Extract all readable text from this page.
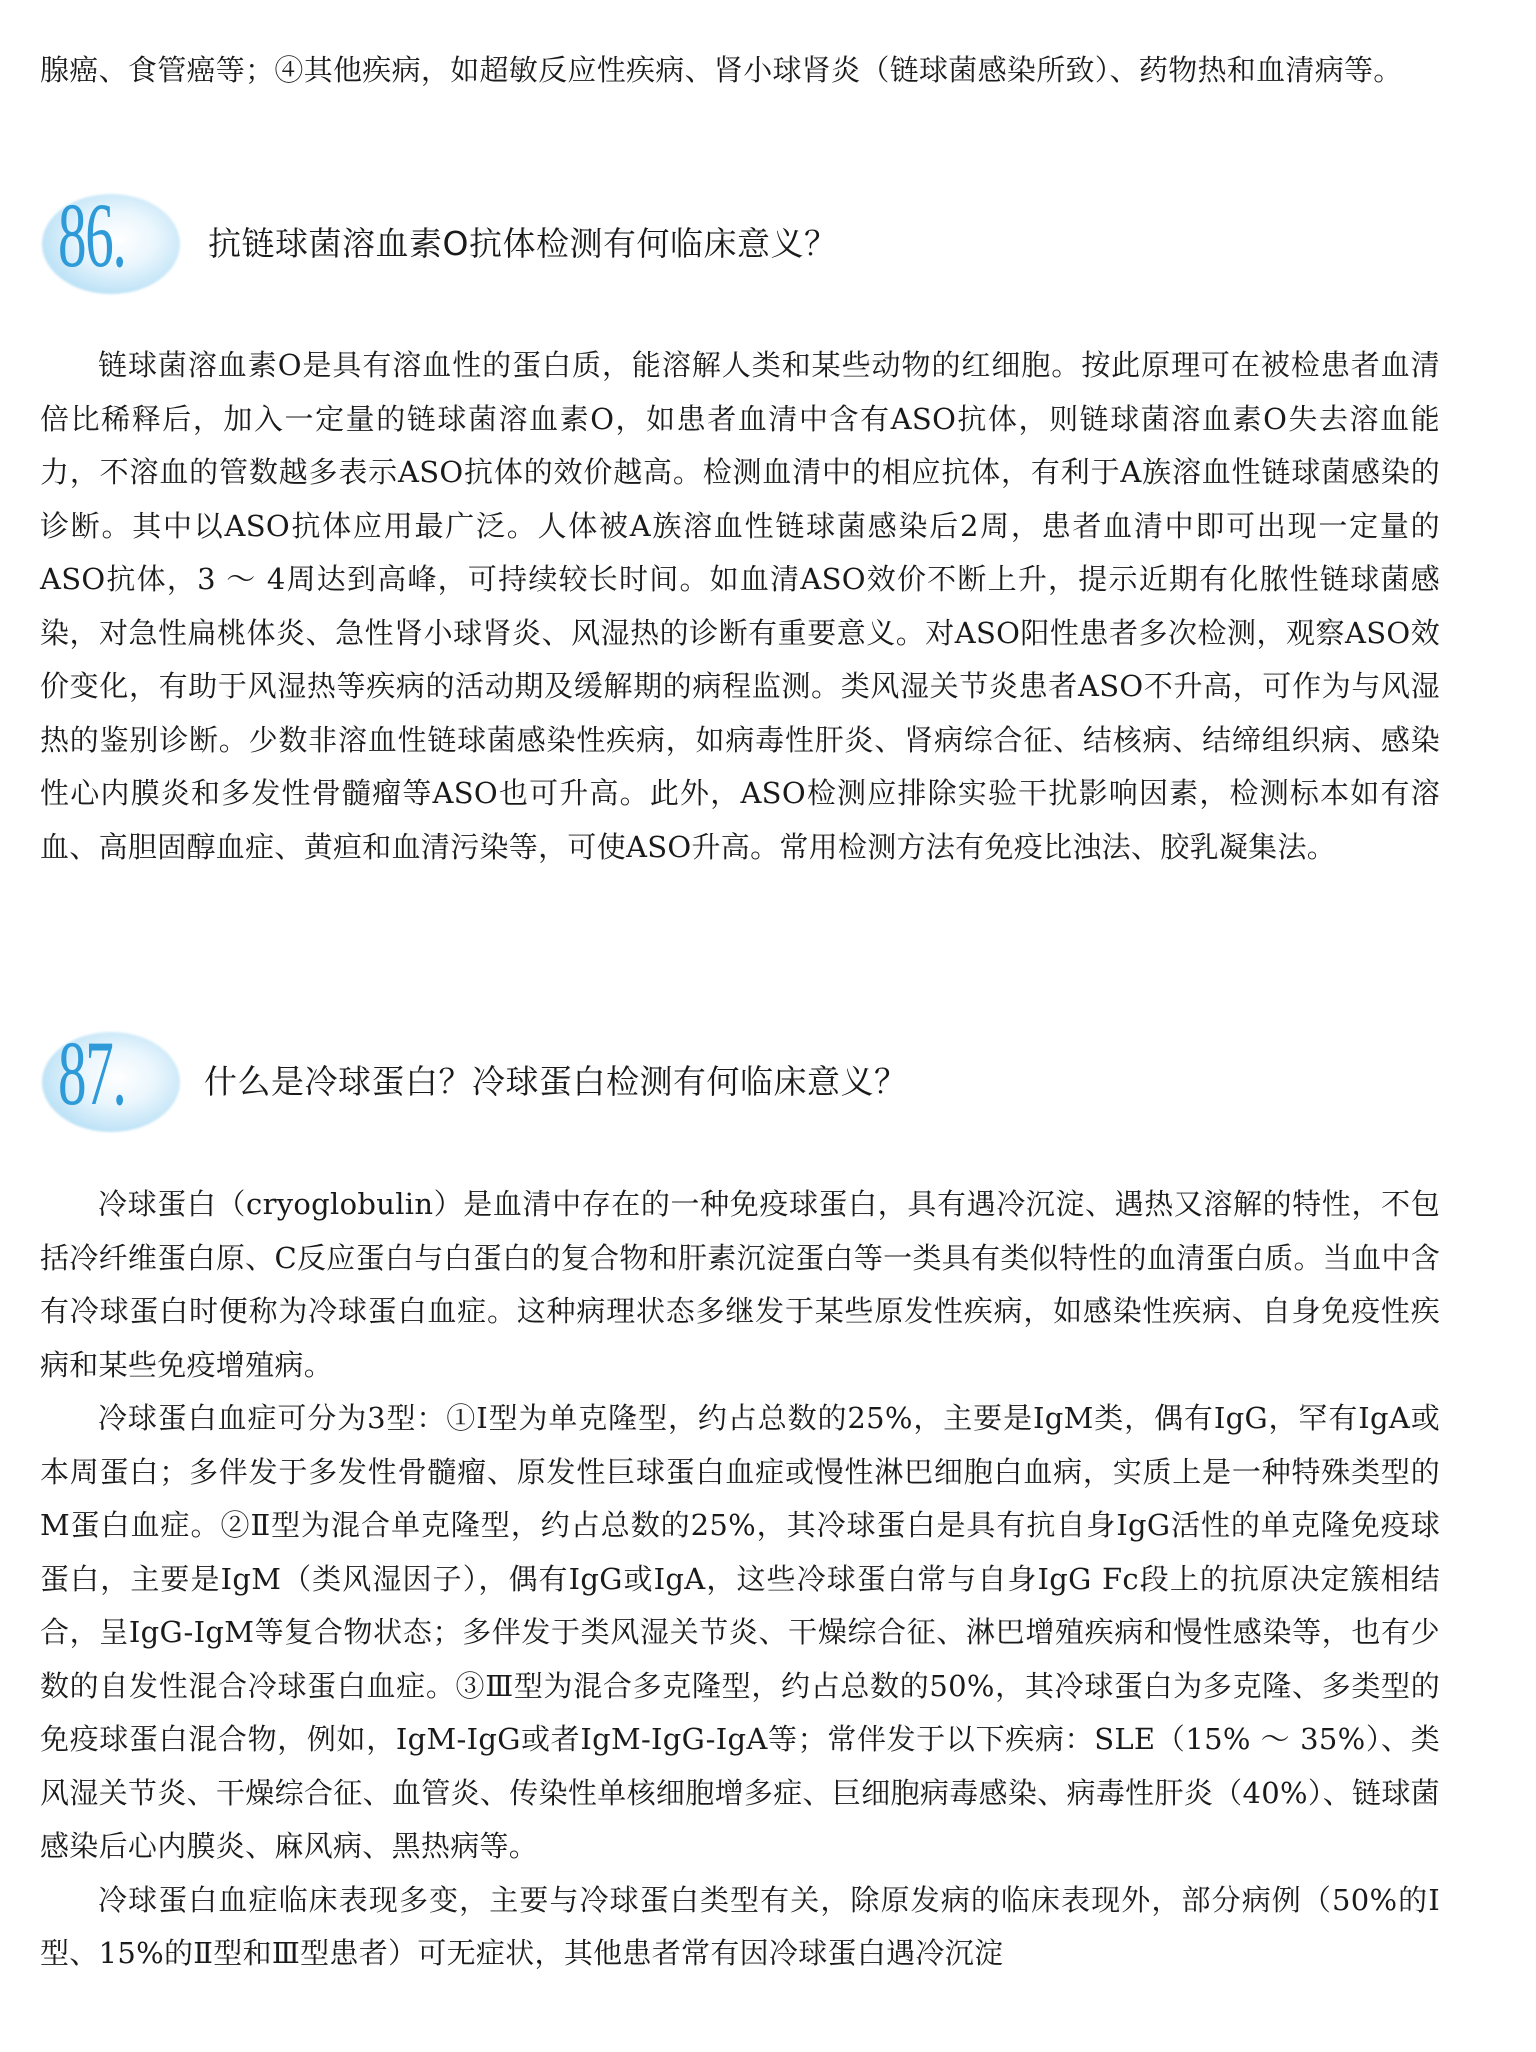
腺癌、食管癌等；④其他疾病，如超敏反应性疾病、肾小球肾炎（链球菌感染所致）、药物热和血清病等。

86. 抗链球菌溶血素O抗体检测有何临床意义？

链球菌溶血素O是具有溶血性的蛋白质，能溶解人类和某些动物的红细胞。按此原理可在被检患者血清倍比稀释后，加入一定量的链球菌溶血素O，如患者血清中含有ASO抗体，则链球菌溶血素O失去溶血能力，不溶血的管数越多表示ASO抗体的效价越高。检测血清中的相应抗体，有利于A族溶血性链球菌感染的诊断。其中以ASO抗体应用最广泛。人体被A族溶血性链球菌感染后2周，患者血清中即可出现一定量的ASO抗体，3 ～ 4周达到高峰，可持续较长时间。如血清ASO效价不断上升，提示近期有化脓性链球菌感染，对急性扁桃体炎、急性肾小球肾炎、风湿热的诊断有重要意义。对ASO阳性患者多次检测，观察ASO效价变化，有助于风湿热等疾病的活动期及缓解期的病程监测。类风湿关节炎患者ASO不升高，可作为与风湿热的鉴别诊断。少数非溶血性链球菌感染性疾病，如病毒性肝炎、肾病综合征、结核病、结缔组织病、感染性心内膜炎和多发性骨髓瘤等ASO也可升高。此外，ASO检测应排除实验干扰影响因素，检测标本如有溶血、高胆固醇血症、黄疸和血清污染等，可使ASO升高。常用检测方法有免疫比浊法、胶乳凝集法。

87. 什么是冷球蛋白？冷球蛋白检测有何临床意义？

冷球蛋白（cryoglobulin）是血清中存在的一种免疫球蛋白，具有遇冷沉淀、遇热又溶解的特性，不包括冷纤维蛋白原、C反应蛋白与白蛋白的复合物和肝素沉淀蛋白等一类具有类似特性的血清蛋白质。当血中含有冷球蛋白时便称为冷球蛋白血症。这种病理状态多继发于某些原发性疾病，如感染性疾病、自身免疫性疾病和某些免疫增殖病。

冷球蛋白血症可分为3型：①Ⅰ型为单克隆型，约占总数的25%，主要是IgM类，偶有IgG，罕有IgA或本周蛋白；多伴发于多发性骨髓瘤、原发性巨球蛋白血症或慢性淋巴细胞白血病，实质上是一种特殊类型的M蛋白血症。②Ⅱ型为混合单克隆型，约占总数的25%，其冷球蛋白是具有抗自身IgG活性的单克隆免疫球蛋白，主要是IgM（类风湿因子），偶有IgG或IgA，这些冷球蛋白常与自身IgG Fc段上的抗原决定簇相结合，呈IgG-IgM等复合物状态；多伴发于类风湿关节炎、干燥综合征、淋巴增殖疾病和慢性感染等，也有少数的自发性混合冷球蛋白血症。③Ⅲ型为混合多克隆型，约占总数的50%，其冷球蛋白为多克隆、多类型的免疫球蛋白混合物，例如，IgM-IgG或者IgM-IgG-IgA等；常伴发于以下疾病：SLE（15% ～ 35%）、类风湿关节炎、干燥综合征、血管炎、传染性单核细胞增多症、巨细胞病毒感染、病毒性肝炎（40%）、链球菌感染后心内膜炎、麻风病、黑热病等。

冷球蛋白血症临床表现多变，主要与冷球蛋白类型有关，除原发病的临床表现外，部分病例（50%的Ⅰ型、15%的Ⅱ型和Ⅲ型患者）可无症状，其他患者常有因冷球蛋白遇冷沉淀
